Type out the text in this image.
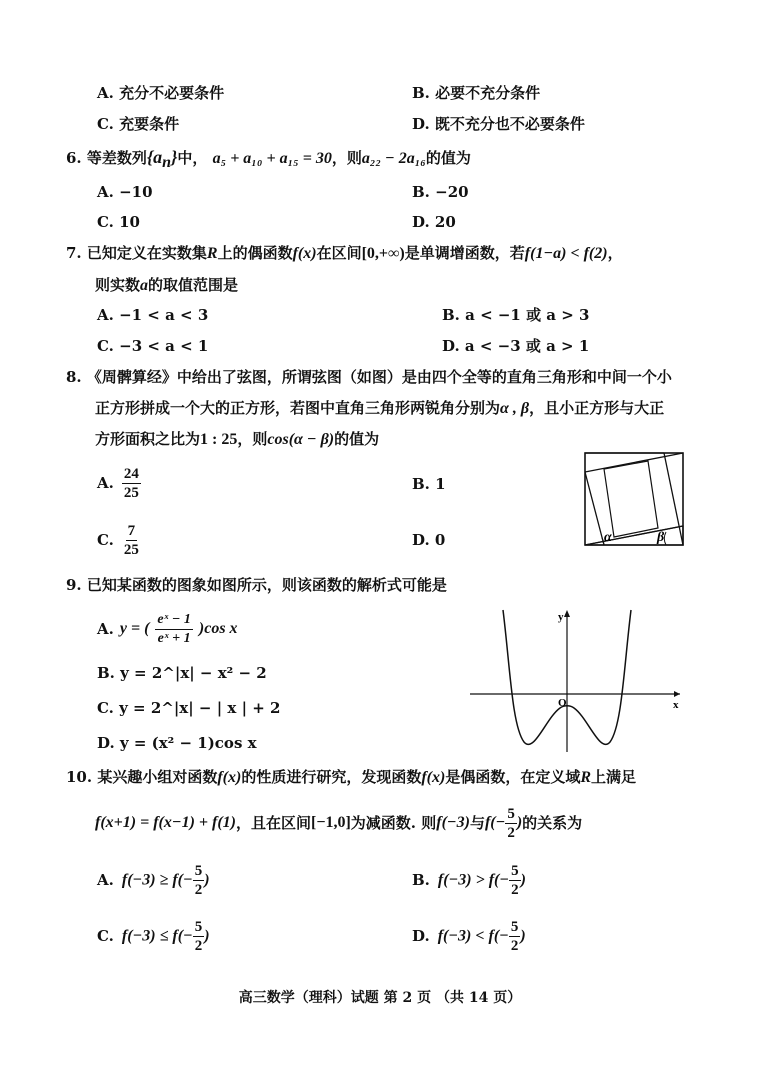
A. 充分不必要条件	B. 必要不充分条件
C. 充要条件	D. 既不充分也不必要条件
6. 等差数列$\{a_n\}$中， a₅ + a₁₀ + a₁₅ = 30，则a₂₂ − 2a₁₆的值为
A. −10	B. −20
C. 10	D. 20
7. 已知定义在实数集R上的偶函数f(x)在区间[0,+∞)是单调增函数，若f(1−a) < f(2)，
则实数a的取值范围是
A. −1 < a < 3	B. a < −1 或 a > 3
C. −3 < a < 1	D. a < −3 或 a > 1
8. 《周髀算经》中给出了弦图，所谓弦图（如图）是由四个全等的直角三角形和中间一个小
正方形拼成一个大的正方形，若图中直角三角形两锐角分别为α , β，且小正方形与大正
方形面积之比为1 : 25，则cos(α − β)的值为
A.
24
25	B. 1
C.
7
25
D. 0	α	β
9. 已知某函数的图象如图所示，则该函数的解析式可能是
A. y = (
eˣ − 1
eˣ + 1
)cos x
B. y = 2^|x| − x² − 2
C. y = 2^|x| − | x | + 2
D. y = (x² − 1)cos x
y
x
O
10. 某兴趣小组对函数f(x)的性质进行研究，发现函数f(x)是偶函数，在定义域R上满足
f(x+1) = f(x−1) + f(1) ，且在区间 [−1,0] 为减函数. 则 f(−3) 与 $f(- \frac{5}{2}$ ) 的关系为
A. $f(-3) \ge f(- \frac{5}{2}$ )	B. $f(-3) > f(- \frac{5}{2}$ )
C. $f(-3) \le f(- \frac{5}{2}$ )	D. $f(-3) < f(- \frac{5}{2}$ )
高三数学（理科）试题 第 2 页 （共 14 页）
